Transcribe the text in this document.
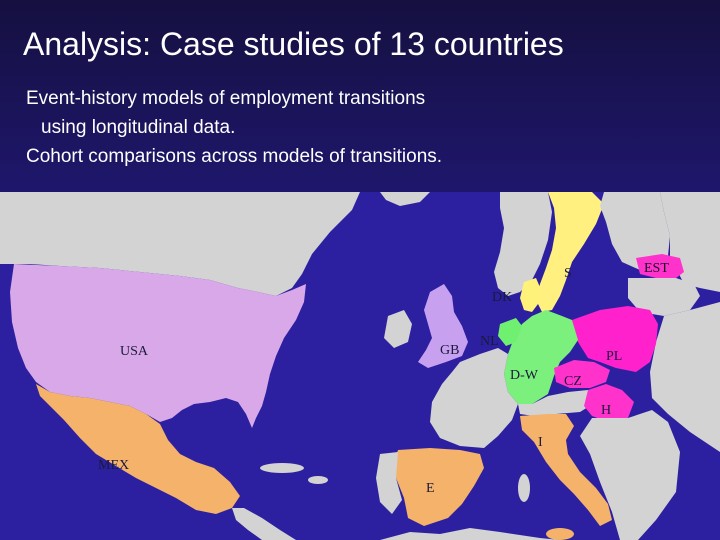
Analysis: Case studies of 13 countries
Event-history models of employment transitions
using longitudinal data.
Cohort comparisons across models of transitions.
USA
MEX
GB
NL
D-W
DK
S	EST
PL
CZ
H
I
E
